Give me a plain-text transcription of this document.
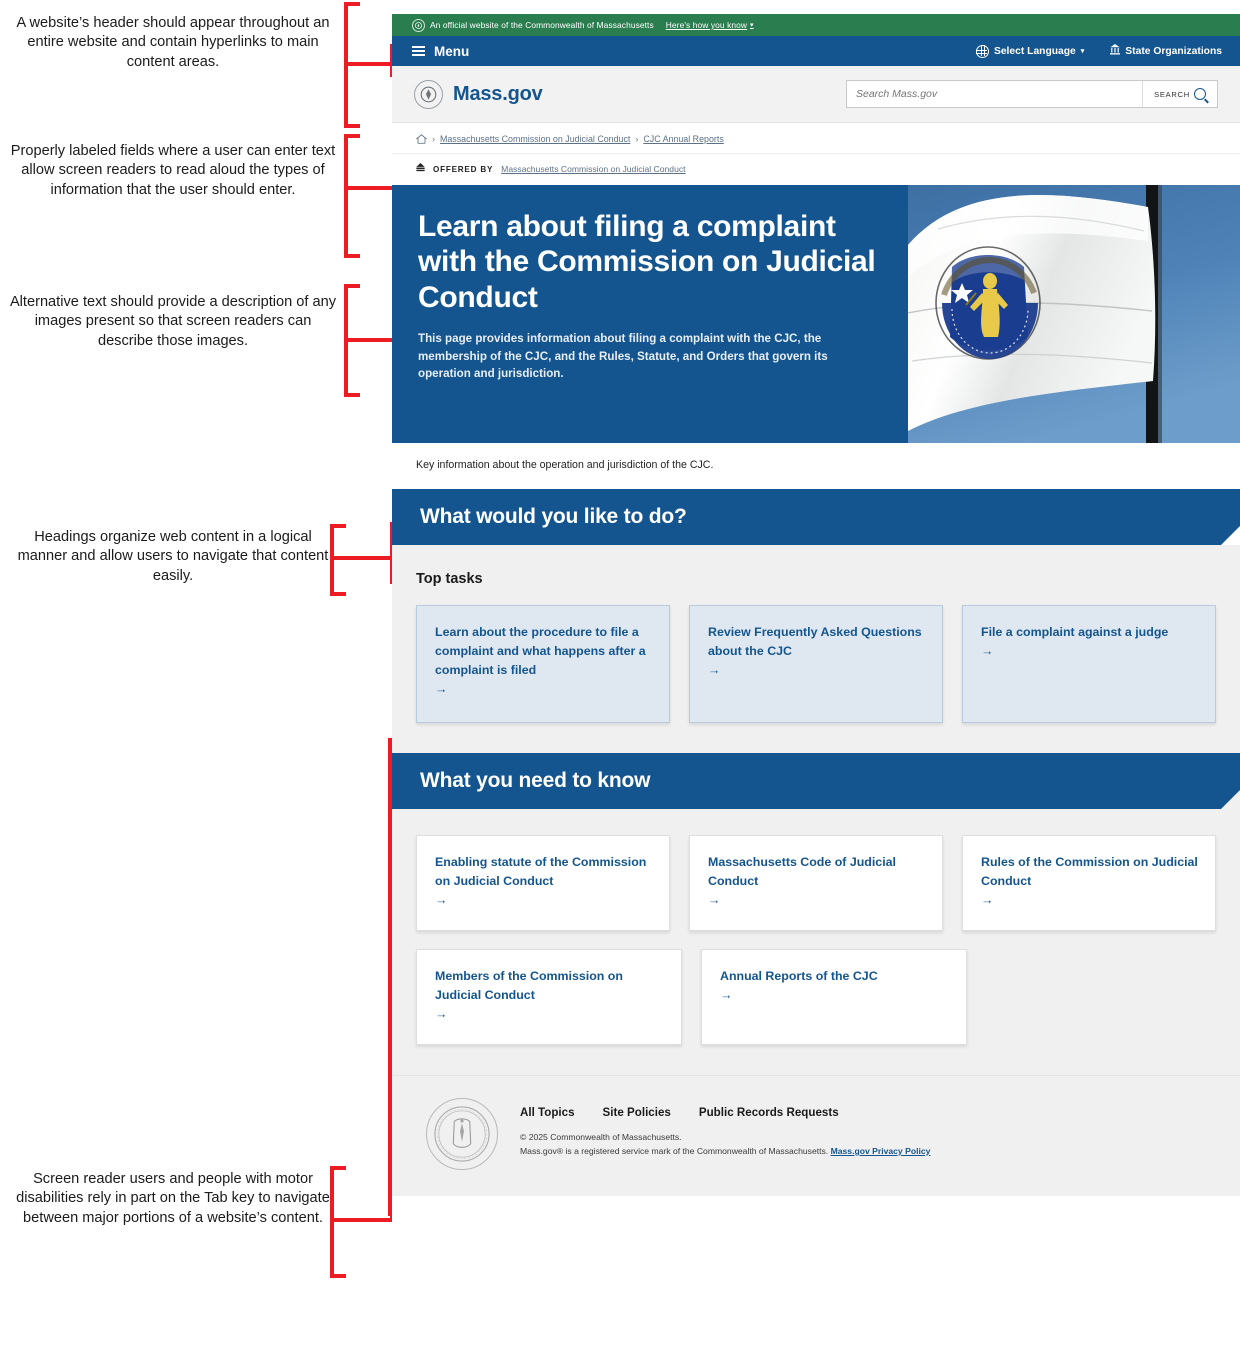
A website’s header should appear throughout an entire website and contain hyperlinks to main content areas.
Properly labeled fields where a user can enter text allow screen readers to read aloud the types of information that the user should enter.
Alternative text should provide a description of any images present so that screen readers can describe those images.
Headings organize web content in a logical manner and allow users to navigate that content easily.
Screen reader users and people with motor disabilities rely in part on the Tab key to navigate between major portions of a website’s content.
An official website of the Commonwealth of Massachusetts Here's how you know ▾
Menu	Select Language ▾	State Organizations
Mass.gov
Search Mass.gov	SEARCH
› Massachusetts Commission on Judicial Conduct › CJC Annual Reports
OFFERED BY Massachusetts Commission on Judicial Conduct
Learn about filing a complaint with the Commission on Judicial Conduct

This page provides information about filing a complaint with the CJC, the membership of the CJC, and the Rules, Statute, and Orders that govern its operation and jurisdiction.

Key information about the operation and jurisdiction of the CJC.
What would you like to do?
Top tasks
Learn about the procedure to file a complaint and what happens after a complaint is filed
→
Review Frequently Asked Questions about the CJC
→
File a complaint against a judge
→
What you need to know
Enabling statute of the Commission on Judicial Conduct
→
Massachusetts Code of Judicial Conduct
→
Rules of the Commission on Judicial Conduct
→
Members of the Commission on Judicial Conduct
→
Annual Reports of the CJC
→
All Topics Site Policies Public Records Requests
© 2025 Commonwealth of Massachusetts.
Mass.gov® is a registered service mark of the Commonwealth of Massachusetts. Mass.gov Privacy Policy
